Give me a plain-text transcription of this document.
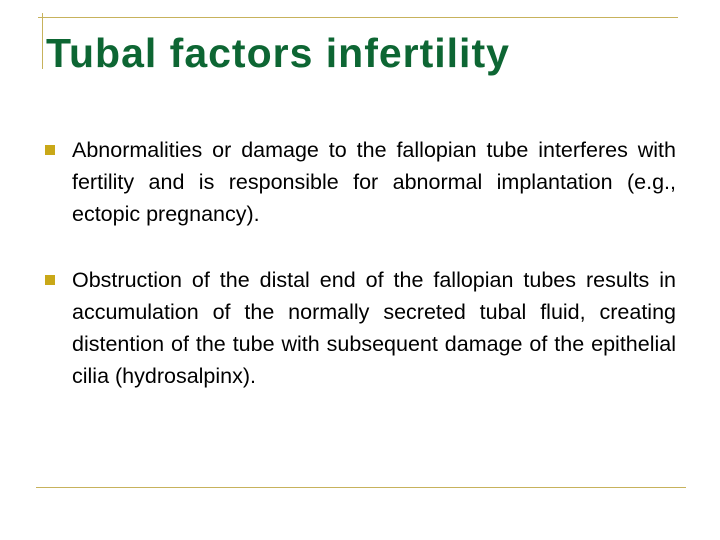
Tubal factors infertility
Abnormalities or damage to the fallopian tube interferes with fertility and is responsible for abnormal implantation (e.g., ectopic pregnancy).
Obstruction of the distal end of the fallopian tubes results in accumulation of the normally secreted tubal fluid, creating distention of the tube with subsequent damage of the epithelial cilia (hydrosalpinx).
